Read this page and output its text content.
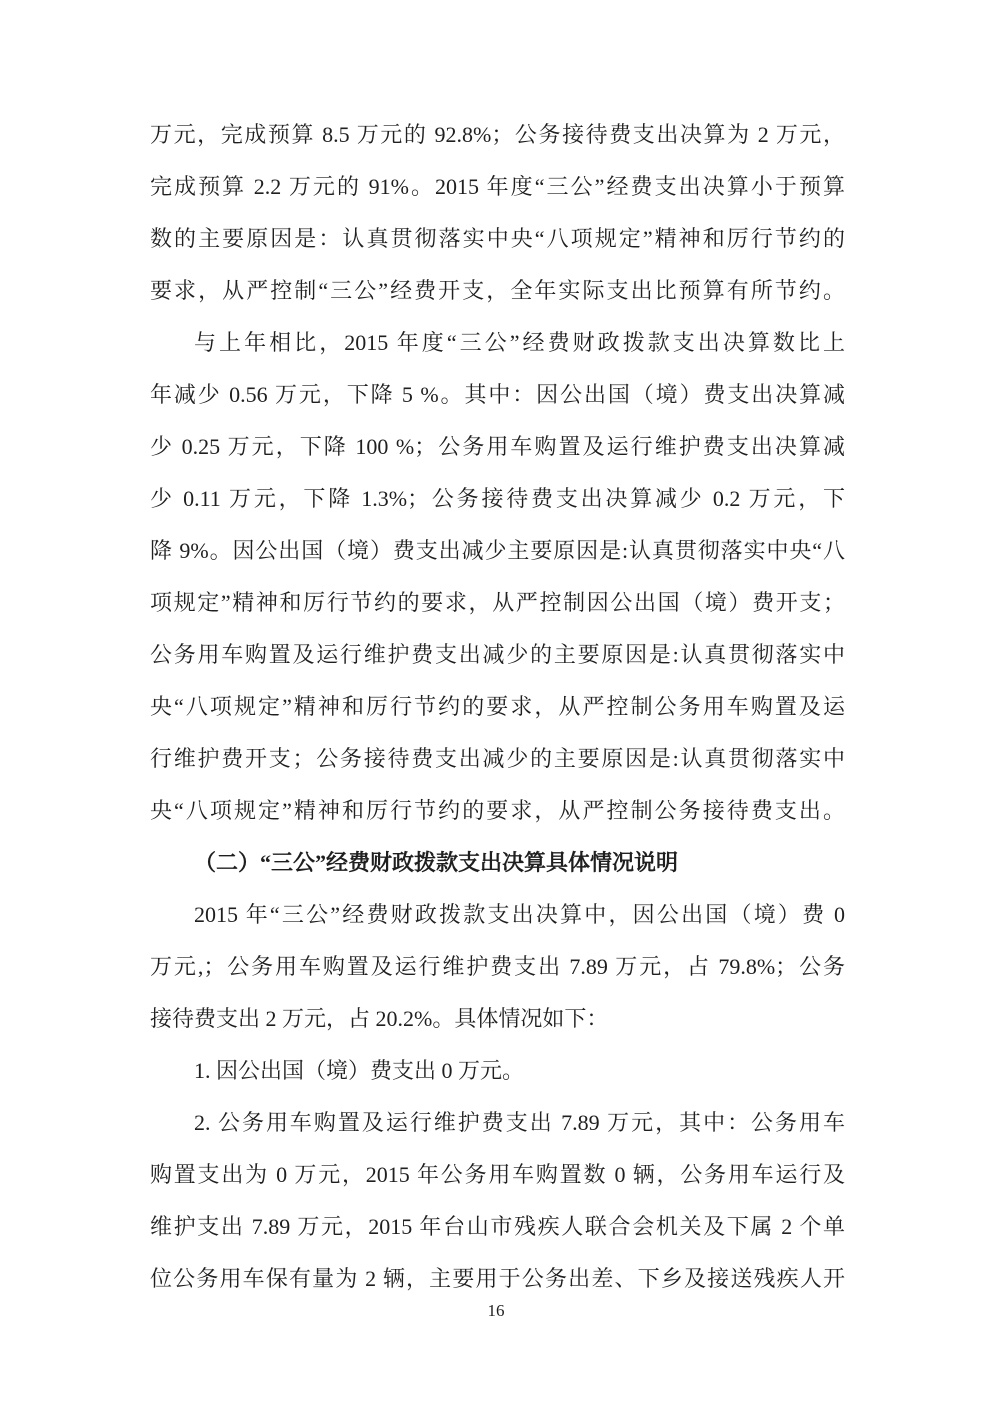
万元，完成预算 8.5 万元的 92.8%；公务接待费支出决算为 2 万元，
完成预算 2.2 万元的 91%。2015 年度“三公”经费支出决算小于预算
数的主要原因是：认真贯彻落实中央“八项规定”精神和厉行节约的
要求，从严控制“三公”经费开支，全年实际支出比预算有所节约。
与上年相比，2015 年度“三公”经费财政拨款支出决算数比上
年减少 0.56 万元，下降 5 %。其中：因公出国（境）费支出决算减
少 0.25 万元，下降 100 %；公务用车购置及运行维护费支出决算减
少 0.11 万元，下降 1.3%；公务接待费支出决算减少 0.2 万元，下
降 9%。因公出国（境）费支出减少主要原因是:认真贯彻落实中央“八
项规定”精神和厉行节约的要求，从严控制因公出国（境）费开支；
公务用车购置及运行维护费支出减少的主要原因是:认真贯彻落实中
央“八项规定”精神和厉行节约的要求，从严控制公务用车购置及运
行维护费开支；公务接待费支出减少的主要原因是:认真贯彻落实中
央“八项规定”精神和厉行节约的要求，从严控制公务接待费支出。
（二）“三公”经费财政拨款支出决算具体情况说明
2015 年“三公”经费财政拨款支出决算中，因公出国（境）费 0
万元,；公务用车购置及运行维护费支出 7.89 万元，占 79.8%；公务
接待费支出 2 万元，占 20.2%。具体情况如下：
1. 因公出国（境）费支出 0 万元。
2. 公务用车购置及运行维护费支出 7.89 万元，其中：公务用车
购置支出为 0 万元，2015 年公务用车购置数 0 辆，公务用车运行及
维护支出 7.89 万元，2015 年台山市残疾人联合会机关及下属 2 个单
位公务用车保有量为 2 辆，主要用于公务出差、下乡及接送残疾人开
16
